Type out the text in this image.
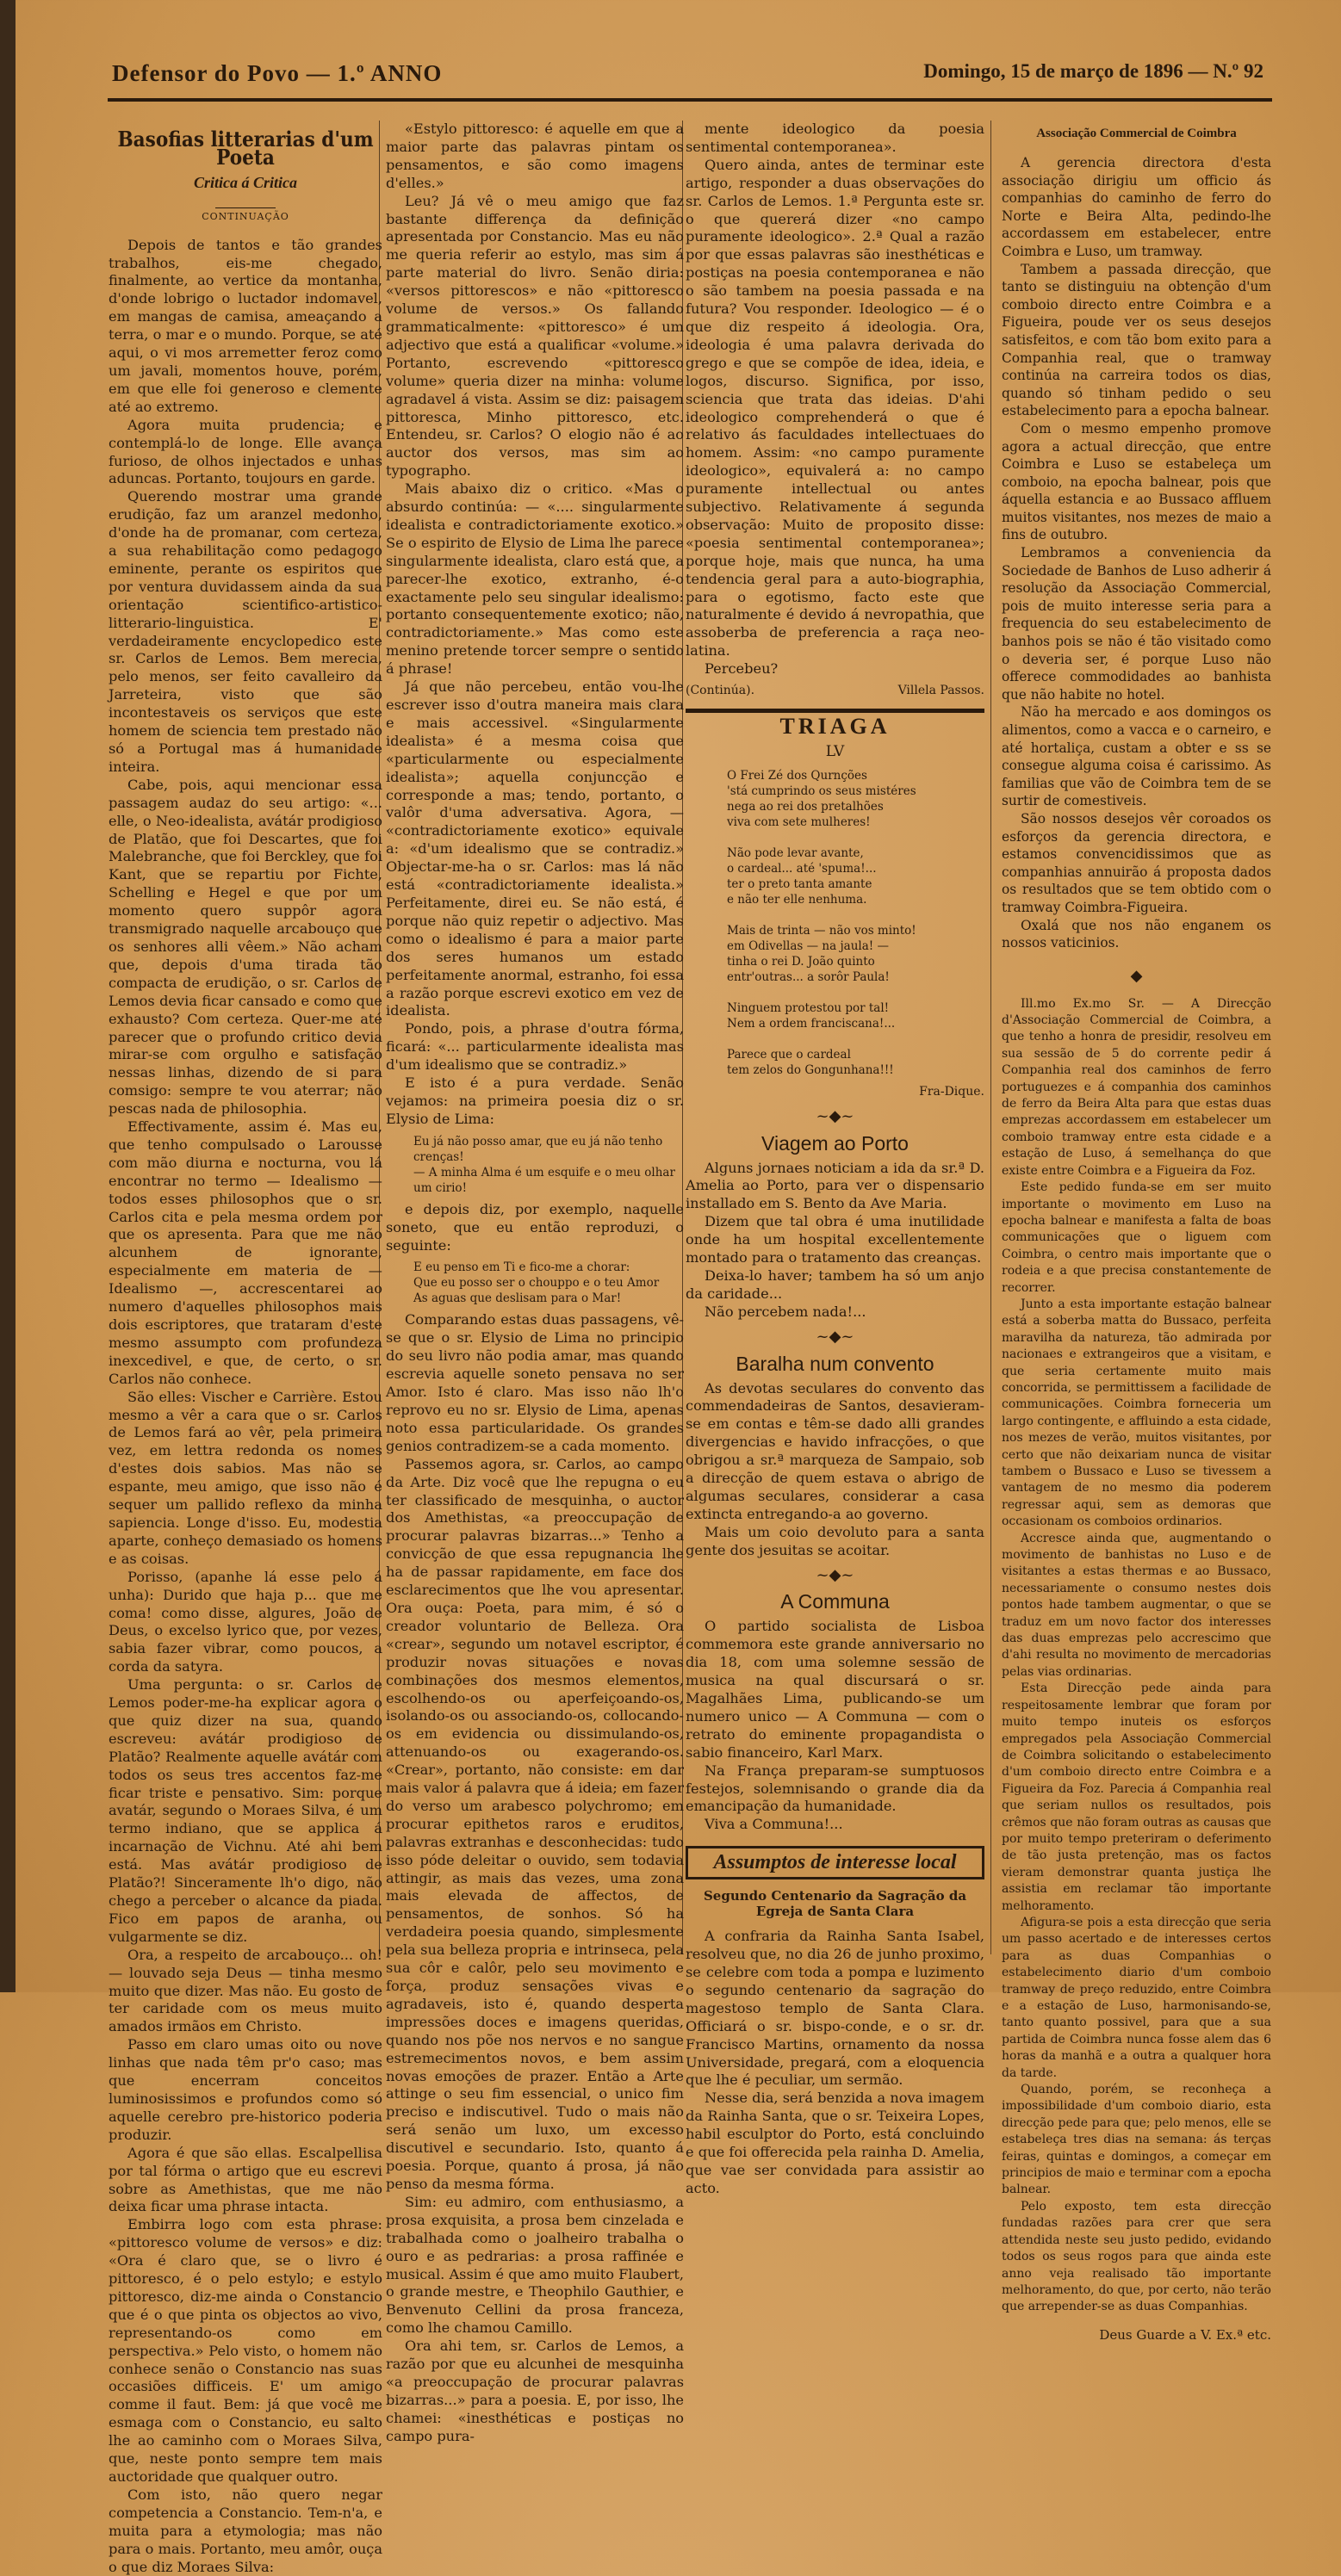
Defensor do Povo — 1.º ANNO	Domingo, 15 de março de 1896 — N.º 92
Basofias litterarias d'um Poeta
Critica á Critica
CONTINUAÇÃO

Depois de tantos e tão grandes trabalhos, eis-me chegado, finalmente, ao vertice da montanha, d'onde lobrigo o luctador indomavel, em mangas de camisa, ameaçando a terra, o mar e o mundo. Porque, se até aqui, o vi mos arremetter feroz como um javali, momentos houve, porém, em que elle foi generoso e clemente até ao extremo.

Agora muita prudencia; e contemplá-lo de longe. Elle avança furioso, de olhos injectados e unhas aduncas. Portanto, toujours en garde.

Querendo mostrar uma grande erudição, faz um aranzel medonho, d'onde ha de promanar, com certeza, a sua rehabilitação como pedagogo eminente, perante os espiritos que por ventura duvidassem ainda da sua orientação scientifico-artistico-litterario-linguistica. E' verdadeiramente encyclopedico este sr. Carlos de Lemos. Bem merecia, pelo menos, ser feito cavalleiro da Jarreteira, visto que são incontestaveis os serviços que este homem de sciencia tem prestado não só a Portugal mas á humanidade inteira.

Cabe, pois, aqui mencionar essa passagem audaz do seu artigo: «... elle, o Neo-idealista, avátár prodigioso de Platão, que foi Descartes, que foi Malebranche, que foi Berckley, que foi Kant, que se repartiu por Fichte, Schelling e Hegel e que por um momento quero suppôr agora transmigrado naquelle arcabouço que os senhores alli vêem.» Não acham que, depois d'uma tirada tão compacta de erudição, o sr. Carlos de Lemos devia ficar cansado e como que exhausto? Com certeza. Quer-me até parecer que o profundo critico devia mirar-se com orgulho e satisfação nessas linhas, dizendo de si para comsigo: sempre te vou aterrar; não pescas nada de philosophia.

Effectivamente, assim é. Mas eu, que tenho compulsado o Larousse com mão diurna e nocturna, vou lá encontrar no termo — Idealismo — todos esses philosophos que o sr. Carlos cita e pela mesma ordem por que os apresenta. Para que me não alcunhem de ignorante, especialmente em materia de — Idealismo —, accrescentarei ao numero d'aquelles philosophos mais dois escriptores, que trataram d'este mesmo assumpto com profundeza inexcedivel, e que, de certo, o sr. Carlos não conhece.

São elles: Vischer e Carrière. Estou mesmo a vêr a cara que o sr. Carlos de Lemos fará ao vêr, pela primeira vez, em lettra redonda os nomes d'estes dois sabios. Mas não se espante, meu amigo, que isso não é sequer um pallido reflexo da minha sapiencia. Longe d'isso. Eu, modestia aparte, conheço demasiado os homens e as coisas.

Porisso, (apanhe lá esse pelo á unha): Durido que haja p... que me coma! como disse, algures, João de Deus, o excelso lyrico que, por vezes, sabia fazer vibrar, como poucos, a corda da satyra.

Uma pergunta: o sr. Carlos de Lemos poder-me-ha explicar agora o que quiz dizer na sua, quando escreveu: avátár prodigioso de Platão? Realmente aquelle avátár com todos os seus tres accentos faz-me ficar triste e pensativo. Sim: porque avatár, segundo o Moraes Silva, é um termo indiano, que se applica á incarnação de Vichnu. Até ahi bem está. Mas avátár prodigioso de Platão?! Sinceramente lh'o digo, não chego a perceber o alcance da piada. Fico em papos de aranha, ou vulgarmente se diz.

Ora, a respeito de arcabouço... oh! — louvado seja Deus — tinha mesmo muito que dizer. Mas não. Eu gosto de ter caridade com os meus muito amados irmãos em Christo.

Passo em claro umas oito ou nove linhas que nada têm pr'o caso; mas que encerram conceitos luminosissimos e profundos como só aquelle cerebro pre-historico poderia produzir.

Agora é que são ellas. Escalpellisa por tal fórma o artigo que eu escrevi sobre as Amethistas, que me não deixa ficar uma phrase intacta.

Embirra logo com esta phrase: «pittoresco volume de versos» e diz: «Ora é claro que, se o livro é pittoresco, é o pelo estylo; e estylo pittoresco, diz-me ainda o Constancio que é o que pinta os objectos ao vivo, representando-os como em perspectiva.» Pelo visto, o homem não conhece senão o Constancio nas suas occasiões difficeis. E' um amigo comme il faut. Bem: já que você me esmaga com o Constancio, eu salto lhe ao caminho com o Moraes Silva, que, neste ponto sempre tem mais auctoridade que qualquer outro.

Com isto, não quero negar competencia a Constancio. Tem-n'a, e muita para a etymologia; mas não para o mais. Portanto, meu amôr, ouça o que diz Moraes Silva:

«Estylo pittoresco: é aquelle em que a maior parte das palavras pintam os pensamentos, e são como imagens d'elles.»

Leu? Já vê o meu amigo que faz bastante differença da definição apresentada por Constancio. Mas eu não me queria referir ao estylo, mas sim á parte material do livro. Senão diria: «versos pittorescos» e não «pittoresco volume de versos.» Os fallando grammaticalmente: «pittoresco» é um adjectivo que está a qualificar «volume.» Portanto, escrevendo «pittoresco volume» queria dizer na minha: volume agradavel á vista. Assim se diz: paisagem pittoresca, Minho pittoresco, etc. Entendeu, sr. Carlos? O elogio não é ao auctor dos versos, mas sim ao typographo.

Mais abaixo diz o critico. «Mas o absurdo continúa: — «.... singularmente idealista e contradictoriamente exotico.» Se o espirito de Elysio de Lima lhe parece singularmente idealista, claro está que, a parecer-lhe exotico, extranho, é-o exactamente pelo seu singular idealismo: portanto consequentemente exotico; não, contradictoriamente.» Mas como este menino pretende torcer sempre o sentido á phrase!

Já que não percebeu, então vou-lhe escrever isso d'outra maneira mais clara e mais accessivel. «Singularmente idealista» é a mesma coisa que «particularmente ou especialmente idealista»; aquella conjuncção e corresponde a mas; tendo, portanto, o valôr d'uma adversativa. Agora, — «contradictoriamente exotico» equivale a: «d'um idealismo que se contradiz.» Objectar-me-ha o sr. Carlos: mas lá não está «contradictoriamente idealista.» Perfeitamente, direi eu. Se não está, é porque não quiz repetir o adjectivo. Mas como o idealismo é para a maior parte dos seres humanos um estado perfeitamente anormal, estranho, foi essa a razão porque escrevi exotico em vez de idealista.

Pondo, pois, a phrase d'outra fórma, ficará: «... particularmente idealista mas d'um idealismo que se contradiz.»

E isto é a pura verdade. Senão vejamos: na primeira poesia diz o sr. Elysio de Lima:

Eu já não posso amar, que eu já não tenho crenças!
— A minha Alma é um esquife e o meu olhar um cirio!

e depois diz, por exemplo, naquelle soneto, que eu então reproduzi, o seguinte:

E eu penso em Ti e fico-me a chorar:
Que eu posso ser o chouppo e o teu Amor
As aguas que deslisam para o Mar!

Comparando estas duas passagens, vê-se que o sr. Elysio de Lima no principio do seu livro não podia amar, mas quando escrevia aquelle soneto pensava no ser Amor. Isto é claro. Mas isso não lh'o reprovo eu no sr. Elysio de Lima, apenas noto essa particularidade. Os grandes genios contradizem-se a cada momento.

Passemos agora, sr. Carlos, ao campo da Arte. Diz você que lhe repugna o eu ter classificado de mesquinha, o auctor dos Amethistas, «a preoccupação de procurar palavras bizarras...» Tenho a convicção de que essa repugnancia lhe ha de passar rapidamente, em face dos esclarecimentos que lhe vou apresentar. Ora ouça: Poeta, para mim, é só o creador voluntario de Belleza. Ora «crear», segundo um notavel escriptor, é produzir novas situações e novas combinações dos mesmos elementos, escolhendo-os ou aperfeiçoando-os, isolando-os ou associando-os, collocando-os em evidencia ou dissimulando-os, attenuando-os ou exagerando-os. «Crear», portanto, não consiste: em dar mais valor á palavra que á ideia; em fazer do verso um arabesco polychromo; em procurar epithetos raros e eruditos, palavras extranhas e desconhecidas: tudo isso póde deleitar o ouvido, sem todavia attingir, as mais das vezes, uma zona mais elevada de affectos, de pensamentos, de sonhos. Só ha verdadeira poesia quando, simplesmente pela sua belleza propria e intrinseca, pela sua côr e calôr, pelo seu movimento e força, produz sensações vivas e agradaveis, isto é, quando desperta impressões doces e imagens queridas, quando nos põe nos nervos e no sangue estremecimentos novos, e bem assim novas emoções de prazer. Então a Arte attinge o seu fim essencial, o unico fim preciso e indiscutivel. Tudo o mais não será senão um luxo, um excesso discutivel e secundario. Isto, quanto á poesia. Porque, quanto á prosa, já não penso da mesma fórma.

Sim: eu admiro, com enthusiasmo, a prosa exquisita, a prosa bem cinzelada e trabalhada como o joalheiro trabalha o ouro e as pedrarias: a prosa raffinée e musical. Assim é que amo muito Flaubert, o grande mestre, e Theophilo Gauthier, e Benvenuto Cellini da prosa franceza, como lhe chamou Camillo.

Ora ahi tem, sr. Carlos de Lemos, a razão por que eu alcunhei de mesquinha «a preoccupação de procurar palavras bizarras...» para a poesia. E, por isso, lhe chamei: «inesthéticas e postiças no campo pura-

mente ideologico da poesia sentimental contemporanea».

Quero ainda, antes de terminar este artigo, responder a duas observações do sr. Carlos de Lemos. 1.ª Pergunta este sr. o que quererá dizer «no campo puramente ideologico». 2.ª Qual a razão por que essas palavras são inesthéticas e postiças na poesia contemporanea e não o são tambem na poesia passada e na futura? Vou responder. Ideologico — é o que diz respeito á ideologia. Ora, ideologia é uma palavra derivada do grego e que se compõe de idea, ideia, e logos, discurso. Significa, por isso, sciencia que trata das ideias. D'ahi ideologico comprehenderá o que é relativo ás faculdades intellectuaes do homem. Assim: «no campo puramente ideologico», equivalerá a: no campo puramente intellectual ou antes subjectivo. Relativamente á segunda observação: Muito de proposito disse: «poesia sentimental contemporanea»; porque hoje, mais que nunca, ha uma tendencia geral para a auto-biographia, para o egotismo, facto este que naturalmente é devido á nevropathia, que assoberba de preferencia a raça neo-latina.

Percebeu?

(Continúa).	Villela Passos.
TRIAGA
LV
O Frei Zé dos Qurnções
'stá cumprindo os seus mistéres
nega ao rei dos pretalhões
viva com sete mulheres!

Não pode levar avante,
o cardeal... até 'spuma!...
ter o preto tanta amante
e não ter elle nenhuma.

Mais de trinta — não vos minto!
em Odivellas — na jaula! —
tinha o rei D. João quinto
entr'outras... a sorôr Paula!

Ninguem protestou por tal!
Nem a ordem franciscana!...

Parece que o cardeal
tem zelos do Gongunhana!!!
Fra-Dique.
~◆~
Viagem ao Porto

Alguns jornaes noticiam a ida da sr.ª D. Amelia ao Porto, para ver o dispensario installado em S. Bento da Ave Maria.

Dizem que tal obra é uma inutilidade onde ha um hospital excellentemente montado para o tratamento das creanças.

Deixa-lo haver; tambem ha só um anjo da caridade...

Não percebem nada!...

~◆~
Baralha num convento

As devotas seculares do convento das commendadeiras de Santos, desavieram-se em contas e têm-se dado alli grandes divergencias e havido infracções, o que obrigou a sr.ª marqueza de Sampaio, sob a direcção de quem estava o abrigo de algumas seculares, considerar a casa extincta entregando-a ao governo.

Mais um coio devoluto para a santa gente dos jesuitas se acoitar.

~◆~
A Communa

O partido socialista de Lisboa commemora este grande anniversario no dia 18, com uma solemne sessão de musica na qual discursará o sr. Magalhães Lima, publicando-se um numero unico — A Communa — com o retrato do eminente propagandista o sabio financeiro, Karl Marx.

Na França preparam-se sumptuosos festejos, solemnisando o grande dia da emancipação da humanidade.

Viva a Communa!...

Assumptos de interesse local
Segundo Centenario da Sagração da Egreja de Santa Clara

A confraria da Rainha Santa Isabel, resolveu que, no dia 26 de junho proximo, se celebre com toda a pompa e luzimento o segundo centenario da sagração do magestoso templo de Santa Clara. Officiará o sr. bispo-conde, e o sr. dr. Francisco Martins, ornamento da nossa Universidade, pregará, com a eloquencia que lhe é peculiar, um sermão.

Nesse dia, será benzida a nova imagem da Rainha Santa, que o sr. Teixeira Lopes, habil esculptor do Porto, está concluindo e que foi offerecida pela rainha D. Amelia, que vae ser convidada para assistir ao acto.

Associação Commercial de Coimbra

A gerencia directora d'esta associação dirigiu um officio ás companhias do caminho de ferro do Norte e Beira Alta, pedindo-lhe accordassem em estabelecer, entre Coimbra e Luso, um tramway.

Tambem a passada direcção, que tanto se distinguiu na obtenção d'um comboio directo entre Coimbra e a Figueira, poude ver os seus desejos satisfeitos, e com tão bom exito para a Companhia real, que o tramway continúa na carreira todos os dias, quando só tinham pedido o seu estabelecimento para a epocha balnear.

Com o mesmo empenho promove agora a actual direcção, que entre Coimbra e Luso se estabeleça um comboio, na epocha balnear, pois que áquella estancia e ao Bussaco affluem muitos visitantes, nos mezes de maio a fins de outubro.

Lembramos a conveniencia da Sociedade de Banhos de Luso adherir á resolução da Associação Commercial, pois de muito interesse seria para a frequencia do seu estabelecimento de banhos pois se não é tão visitado como o deveria ser, é porque Luso não offerece commodidades ao banhista que não habite no hotel.

Não ha mercado e aos domingos os alimentos, como a vacca e o carneiro, e até hortaliça, custam a obter e ss se consegue alguma coisa é carissimo. As familias que vão de Coimbra tem de se surtir de comestiveis.

São nossos desejos vêr coroados os esforços da gerencia directora, e estamos convencidissimos que as companhias annuirão á proposta dados os resultados que se tem obtido com o tramway Coimbra-Figueira.

Oxalá que nos não enganem os nossos vaticinios.

◆

Ill.mo Ex.mo Sr. — A Direcção d'Associação Commercial de Coimbra, a que tenho a honra de presidir, resolveu em sua sessão de 5 do corrente pedir á Companhia real dos caminhos de ferro portuguezes e á companhia dos caminhos de ferro da Beira Alta para que estas duas emprezas accordassem em estabelecer um comboio tramway entre esta cidade e a estação de Luso, á semelhança do que existe entre Coimbra e a Figueira da Foz.

Este pedido funda-se em ser muito importante o movimento em Luso na epocha balnear e manifesta a falta de boas communicações que o liguem com Coimbra, o centro mais importante que o rodeia e a que precisa constantemente de recorrer.

Junto a esta importante estação balnear está a soberba matta do Bussaco, perfeita maravilha da natureza, tão admirada por nacionaes e extrangeiros que a visitam, e que seria certamente muito mais concorrida, se permittissem a facilidade de communicações. Coimbra forneceria um largo contingente, e affluindo a esta cidade, nos mezes de verão, muitos visitantes, por certo que não deixariam nunca de visitar tambem o Bussaco e Luso se tivessem a vantagem de no mesmo dia poderem regressar aqui, sem as demoras que occasionam os comboios ordinarios.

Accresce ainda que, augmentando o movimento de banhistas no Luso e de visitantes a estas thermas e ao Bussaco, necessariamente o consumo nestes dois pontos hade tambem augmentar, o que se traduz em um novo factor dos interesses das duas emprezas pelo accrescimo que d'ahi resulta no movimento de mercadorias pelas vias ordinarias.

Esta Direcção pede ainda para respeitosamente lembrar que foram por muito tempo inuteis os esforços empregados pela Associação Commercial de Coimbra solicitando o estabelecimento d'um comboio directo entre Coimbra e a Figueira da Foz. Parecia á Companhia real que seriam nullos os resultados, pois crêmos que não foram outras as causas que por muito tempo preteriram o deferimento de tão justa pretenção, mas os factos vieram demonstrar quanta justiça lhe assistia em reclamar tão importante melhoramento.

Afigura-se pois a esta direcção que seria um passo acertado e de interesses certos para as duas Companhias o estabelecimento diario d'um comboio tramway de preço reduzido, entre Coimbra e a estação de Luso, harmonisando-se, tanto quanto possivel, para que a sua partida de Coimbra nunca fosse alem das 6 horas da manhã e a outra a qualquer hora da tarde.

Quando, porém, se reconheça a impossibilidade d'um comboio diario, esta direcção pede para que; pelo menos, elle se estabeleça tres dias na semana: ás terças feiras, quintas e domingos, a começar em principios de maio e terminar com a epocha balnear.

Pelo exposto, tem esta direcção fundadas razões para crer que sera attendida neste seu justo pedido, evidando todos os seus rogos para que ainda este anno veja realisado tão importante melhoramento, do que, por certo, não terão que arrepender-se as duas Companhias.

Deus Guarde a V. Ex.ª etc.
